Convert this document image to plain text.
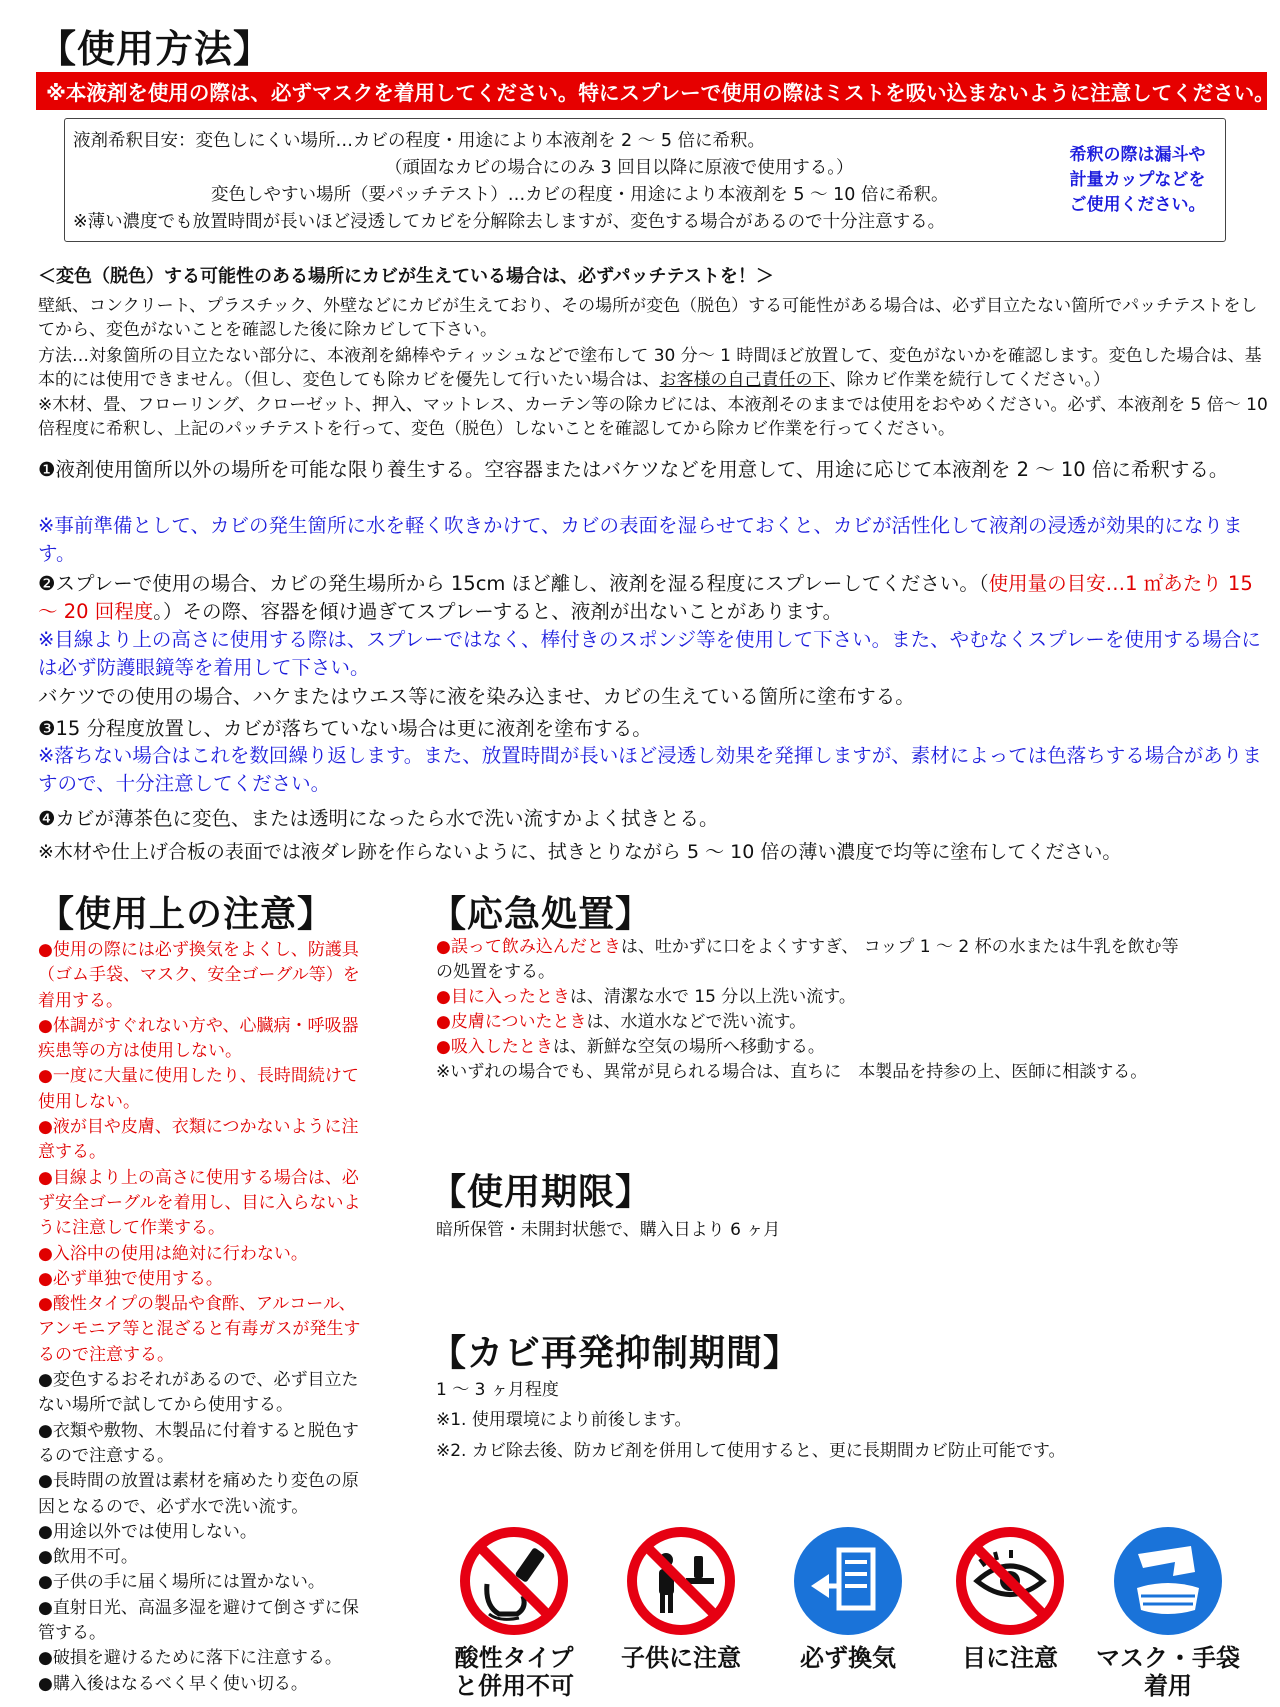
【使用方法】
※本液剤を使用の際は、必ずマスクを着用してください。特にスプレーで使用の際はミストを吸い込まないように注意してください。
液剤希釈目安：変色しにくい場所…カビの程度・用途により本液剤を 2 〜 5 倍に希釈。
（頑固なカビの場合にのみ 3 回目以降に原液で使用する。）
変色しやすい場所（要パッチテスト）…カビの程度・用途により本液剤を 5 〜 10 倍に希釈。
※薄い濃度でも放置時間が長いほど浸透してカビを分解除去しますが、変色する場合があるので十分注意する。
希釈の際は漏斗や
計量カップなどを
ご使用ください。
＜変色（脱色）する可能性のある場所にカビが生えている場合は、必ずパッチテストを！＞
壁紙、コンクリート、プラスチック、外壁などにカビが生えており、その場所が変色（脱色）する可能性がある場合は、必ず目立たない箇所でパッチテストをしてから、変色がないことを確認した後に除カビして下さい。
方法…対象箇所の目立たない部分に、本液剤を綿棒やティッシュなどで塗布して 30 分〜 1 時間ほど放置して、変色がないかを確認します。変色した場合は、基本的には使用できません。（但し、変色しても除カビを優先して行いたい場合は、お客様の自己責任の下、除カビ作業を続行してください。）
※木材、畳、フローリング、クローゼット、押入、マットレス、カーテン等の除カビには、本液剤そのままでは使用をおやめください。必ず、本液剤を 5 倍〜 10 倍程度に希釈し、上記のパッチテストを行って、変色（脱色）しないことを確認してから除カビ作業を行ってください。
❶液剤使用箇所以外の場所を可能な限り養生する。空容器またはバケツなどを用意して、用途に応じて本液剤を 2 〜 10 倍に希釈する。
※事前準備として、カビの発生箇所に水を軽く吹きかけて、カビの表面を湿らせておくと、カビが活性化して液剤の浸透が効果的になります。
❷スプレーで使用の場合、カビの発生場所から 15cm ほど離し、液剤を湿る程度にスプレーしてください。（使用量の目安…1 ㎡あたり 15 〜 20 回程度。）その際、容器を傾け過ぎてスプレーすると、液剤が出ないことがあります。
※目線より上の高さに使用する際は、スプレーではなく、棒付きのスポンジ等を使用して下さい。また、やむなくスプレーを使用する場合には必ず防護眼鏡等を着用して下さい。
バケツでの使用の場合、ハケまたはウエス等に液を染み込ませ、カビの生えている箇所に塗布する。
❸15 分程度放置し、カビが落ちていない場合は更に液剤を塗布する。
※落ちない場合はこれを数回繰り返します。また、放置時間が長いほど浸透し効果を発揮しますが、素材によっては色落ちする場合がありますので、十分注意してください。
❹カビが薄茶色に変色、または透明になったら水で洗い流すかよく拭きとる。
※木材や仕上げ合板の表面では液ダレ跡を作らないように、拭きとりながら 5 〜 10 倍の薄い濃度で均等に塗布してください。
【使用上の注意】
●使用の際には必ず換気をよくし、防護具
（ゴム手袋、マスク、安全ゴーグル等）を
着用する。
●体調がすぐれない方や、心臓病・呼吸器
疾患等の方は使用しない。
●一度に大量に使用したり、長時間続けて
使用しない。
●液が目や皮膚、衣類につかないように注
意する。
●目線より上の高さに使用する場合は、必
ず安全ゴーグルを着用し、目に入らないよ
うに注意して作業する。
●入浴中の使用は絶対に行わない。
●必ず単独で使用する。
●酸性タイプの製品や食酢、アルコール、
アンモニア等と混ざると有毒ガスが発生す
るので注意する。
●変色するおそれがあるので、必ず目立た
ない場所で試してから使用する。
●衣類や敷物、木製品に付着すると脱色す
るので注意する。
●長時間の放置は素材を痛めたり変色の原
因となるので、必ず水で洗い流す。
●用途以外では使用しない。
●飲用不可。
●子供の手に届く場所には置かない。
●直射日光、高温多湿を避けて倒さずに保
管する。
●破損を避けるために落下に注意する。
●購入後はなるべく早く使い切る。
【応急処置】
●誤って飲み込んだときは、吐かずに口をよくすすぎ、 コップ 1 〜 2 杯の水または牛乳を飲む等
の処置をする。
●目に入ったときは、清潔な水で 15 分以上洗い流す。
●皮膚についたときは、水道水などで洗い流す。
●吸入したときは、新鮮な空気の場所へ移動する。
※いずれの場合でも、異常が見られる場合は、直ちに　本製品を持参の上、医師に相談する。
【使用期限】
暗所保管・未開封状態で、購入日より 6 ヶ月
【カビ再発抑制期間】
1 〜 3 ヶ月程度
※1. 使用環境により前後します。
※2. カビ除去後、防カビ剤を併用して使用すると、更に長期間カビ防止可能です。
酸性タイプ
と併用不可
子供に注意	必ず換気	目に注意	マスク・手袋
着用
